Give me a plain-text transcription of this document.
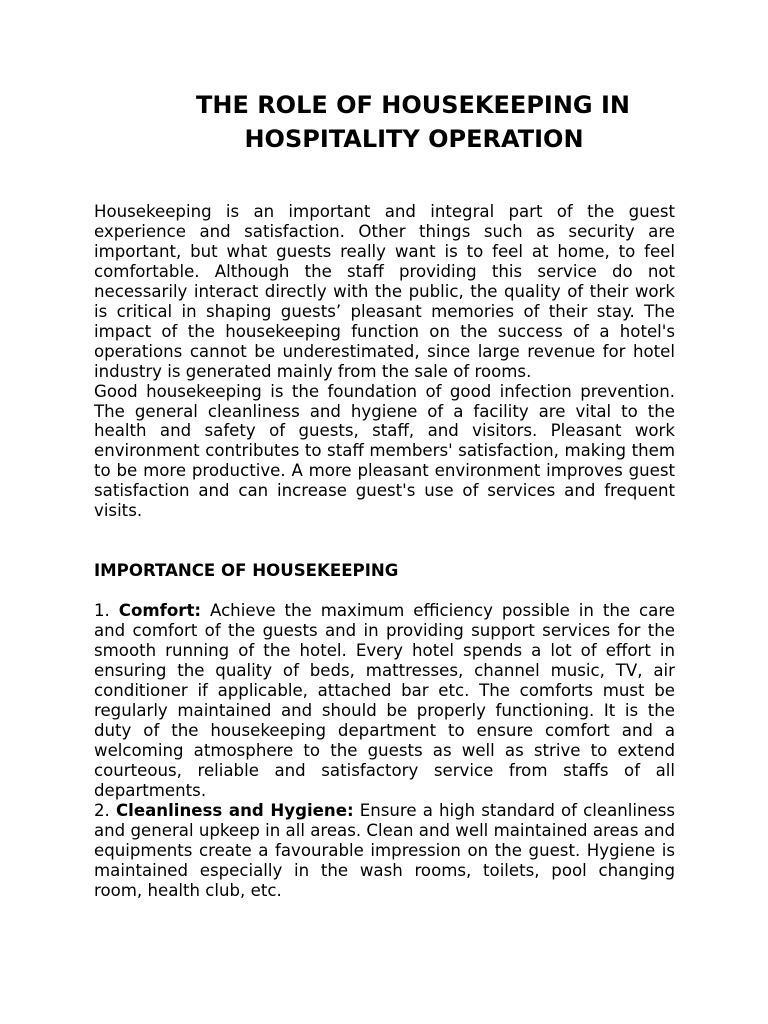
THE ROLE OF HOUSEKEEPING IN
HOSPITALITY OPERATION

Housekeeping is an important and integral part of the guest experience and satisfaction. Other things such as security are important, but what guests really want is to feel at home, to feel comfortable. Although the staff providing this service do not necessarily interact directly with the public, the quality of their work is critical in shaping guests’ pleasant memories of their stay. The impact of the housekeeping function on the success of a hotel's operations cannot be underestimated, since large revenue for hotel industry is generated mainly from the sale of rooms.

Good housekeeping is the foundation of good infection prevention. The general cleanliness and hygiene of a facility are vital to the health and safety of guests, staff, and visitors. Pleasant work environment contributes to staff members' satisfaction, making them to be more productive. A more pleasant environment improves guest satisfaction and can increase guest's use of services and frequent visits.

IMPORTANCE OF HOUSEKEEPING

1. Comfort: Achieve the maximum efficiency possible in the care and comfort of the guests and in providing support services for the smooth running of the hotel. Every hotel spends a lot of effort in ensuring the quality of beds, mattresses, channel music, TV, air conditioner if applicable, attached bar etc. The comforts must be regularly maintained and should be properly functioning. It is the duty of the housekeeping department to ensure comfort and a welcoming atmosphere to the guests as well as strive to extend courteous, reliable and satisfactory service from staffs of all departments.

2. Cleanliness and Hygiene: Ensure a high standard of cleanliness and general upkeep in all areas. Clean and well maintained areas and equipments create a favourable impression on the guest. Hygiene is maintained especially in the wash rooms, toilets, pool changing room, health club, etc.
